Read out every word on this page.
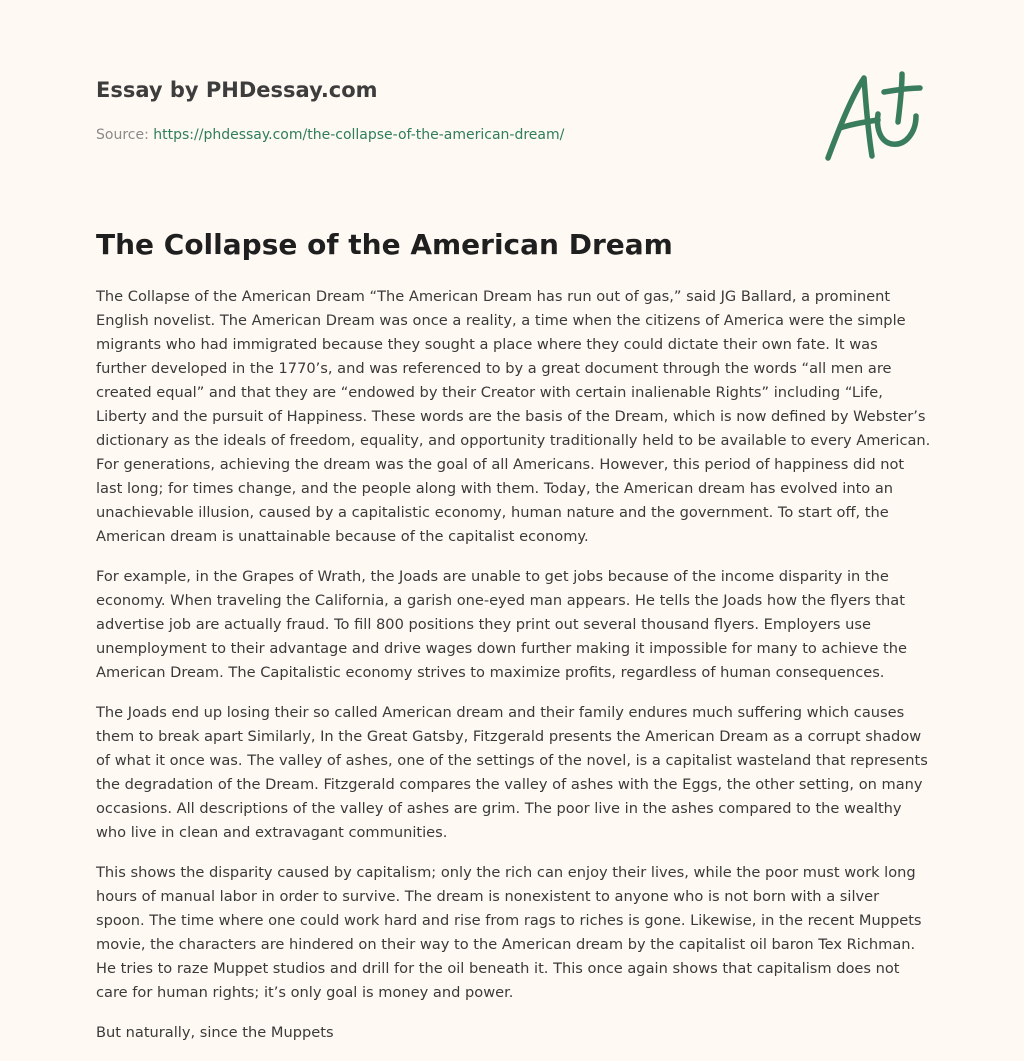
Essay by PHDessay.com
Source: https://phdessay.com/the-collapse-of-the-american-dream/
The Collapse of the American Dream

The Collapse of the American Dream “The American Dream has run out of gas,” said JG Ballard, a prominent English novelist. The American Dream was once a reality, a time when the citizens of America were the simple migrants who had immigrated because they sought a place where they could dictate their own fate. It was further developed in the 1770’s, and was referenced to by a great document through the words “all men are created equal” and that they are “endowed by their Creator with certain inalienable Rights” including “Life, Liberty and the pursuit of Happiness. These words are the basis of the Dream, which is now defined by Webster’s dictionary as the ideals of freedom, equality, and opportunity traditionally held to be available to every American. For generations, achieving the dream was the goal of all Americans. However, this period of happiness did not last long; for times change, and the people along with them. Today, the American dream has evolved into an unachievable illusion, caused by a capitalistic economy, human nature and the government. To start off, the American dream is unattainable because of the capitalist economy.

For example, in the Grapes of Wrath, the Joads are unable to get jobs because of the income disparity in the economy. When traveling the California, a garish one-eyed man appears. He tells the Joads how the flyers that advertise job are actually fraud. To fill 800 positions they print out several thousand flyers. Employers use unemployment to their advantage and drive wages down further making it impossible for many to achieve the American Dream. The Capitalistic economy strives to maximize profits, regardless of human consequences.

The Joads end up losing their so called American dream and their family endures much suffering which causes them to break apart Similarly, In the Great Gatsby, Fitzgerald presents the American Dream as a corrupt shadow of what it once was. The valley of ashes, one of the settings of the novel, is a capitalist wasteland that represents the degradation of the Dream. Fitzgerald compares the valley of ashes with the Eggs, the other setting, on many occasions. All descriptions of the valley of ashes are grim. The poor live in the ashes compared to the wealthy who live in clean and extravagant communities.

This shows the disparity caused by capitalism; only the rich can enjoy their lives, while the poor must work long hours of manual labor in order to survive. The dream is nonexistent to anyone who is not born with a silver spoon. The time where one could work hard and rise from rags to riches is gone. Likewise, in the recent Muppets movie, the characters are hindered on their way to the American dream by the capitalist oil baron Tex Richman. He tries to raze Muppet studios and drill for the oil beneath it. This once again shows that capitalism does not care for human rights; it’s only goal is money and power.

But naturally, since the Muppets
